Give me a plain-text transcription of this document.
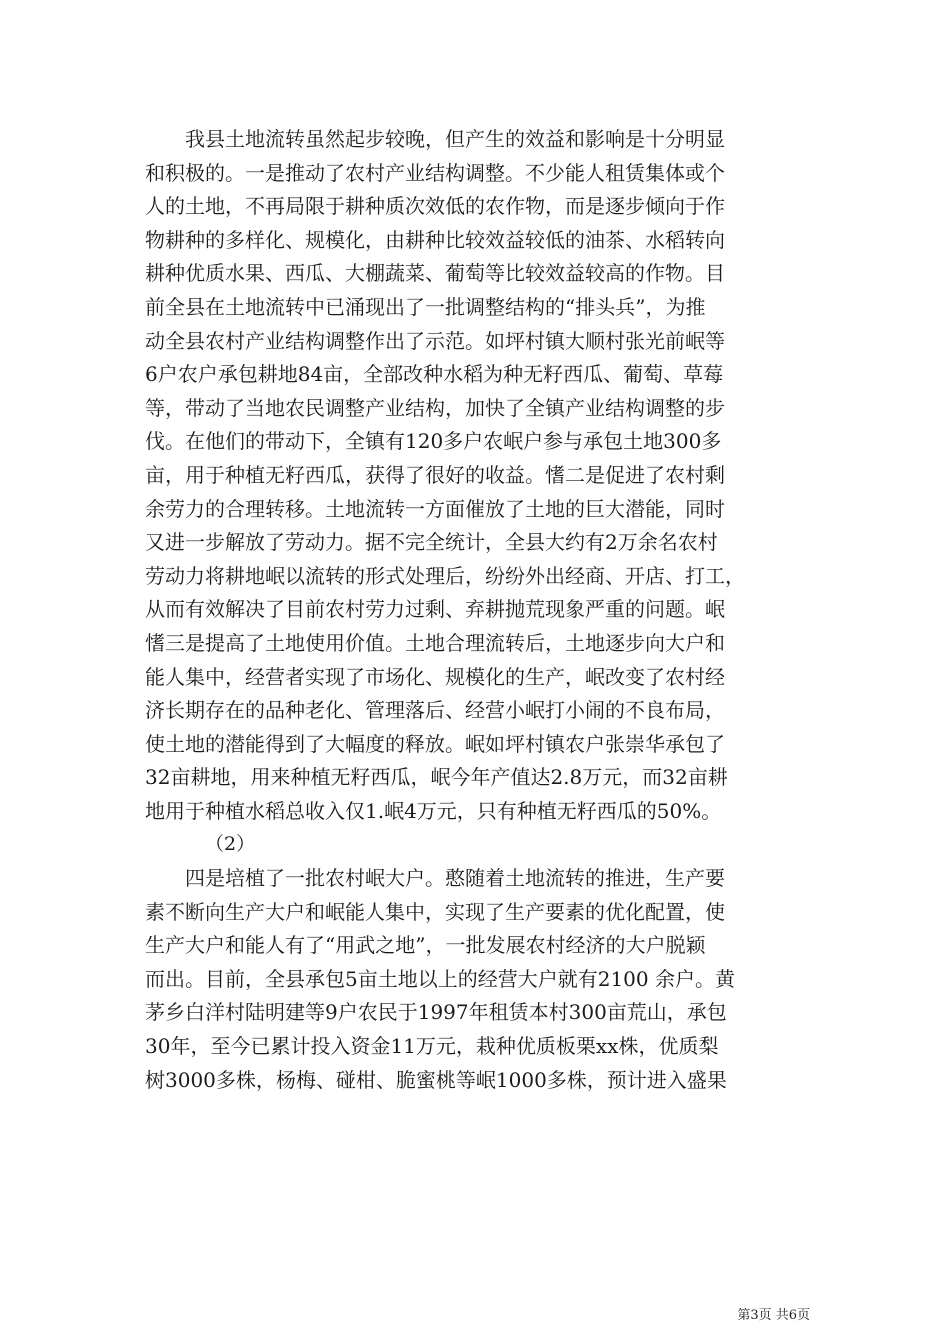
我县土地流转虽然起步较晚，但产生的效益和影响是十分明显
和积极的。一是推动了农村产业结构调整。不少能人租赁集体或个
人的土地，不再局限于耕种质次效低的农作物，而是逐步倾向于作
物耕种的多样化、规模化，由耕种比较效益较低的油茶、水稻转向
耕种优质水果、西瓜、大棚蔬菜、葡萄等比较效益较高的作物。目
前全县在土地流转中已涌现出了一批调整结构的“排头兵”，为推
动全县农村产业结构调整作出了示范。如坪村镇大顺村张光前岷等
6户农户承包耕地84亩，全部改种水稻为种无籽西瓜、葡萄、草莓
等，带动了当地农民调整产业结构，加快了全镇产业结构调整的步
伐。在他们的带动下，全镇有120多户农岷户参与承包土地300多
亩，用于种植无籽西瓜，获得了很好的收益。愭二是促进了农村剩
余劳力的合理转移。土地流转一方面催放了土地的巨大潜能，同时
又进一步解放了劳动力。据不完全统计，全县大约有2万余名农村
劳动力将耕地岷以流转的形式处理后，纷纷外出经商、开店、打工，
从而有效解决了目前农村劳力过剩、弃耕抛荒现象严重的问题。岷
愭三是提高了土地使用价值。土地合理流转后，土地逐步向大户和
能人集中，经营者实现了市场化、规模化的生产，岷改变了农村经
济长期存在的品种老化、管理落后、经营小岷打小闹的不良布局，
使土地的潜能得到了大幅度的释放。岷如坪村镇农户张崇华承包了
32亩耕地，用来种植无籽西瓜，岷今年产值达2.8万元，而32亩耕
地用于种植水稻总收入仅1.岷4万元，只有种植无籽西瓜的50%。

（2）

四是培植了一批农村岷大户。憨随着土地流转的推进，生产要
素不断向生产大户和岷能人集中，实现了生产要素的优化配置，使
生产大户和能人有了“用武之地”，一批发展农村经济的大户脱颖
而出。目前，全县承包5亩土地以上的经营大户就有2100 余户。黄
茅乡白洋村陆明建等9户农民于1997年租赁本村300亩荒山，承包
30年，至今已累计投入资金11万元，栽种优质板栗xx株，优质梨
树3000多株，杨梅、碰柑、脆蜜桃等岷1000多株，预计进入盛果

第3页 共6页
